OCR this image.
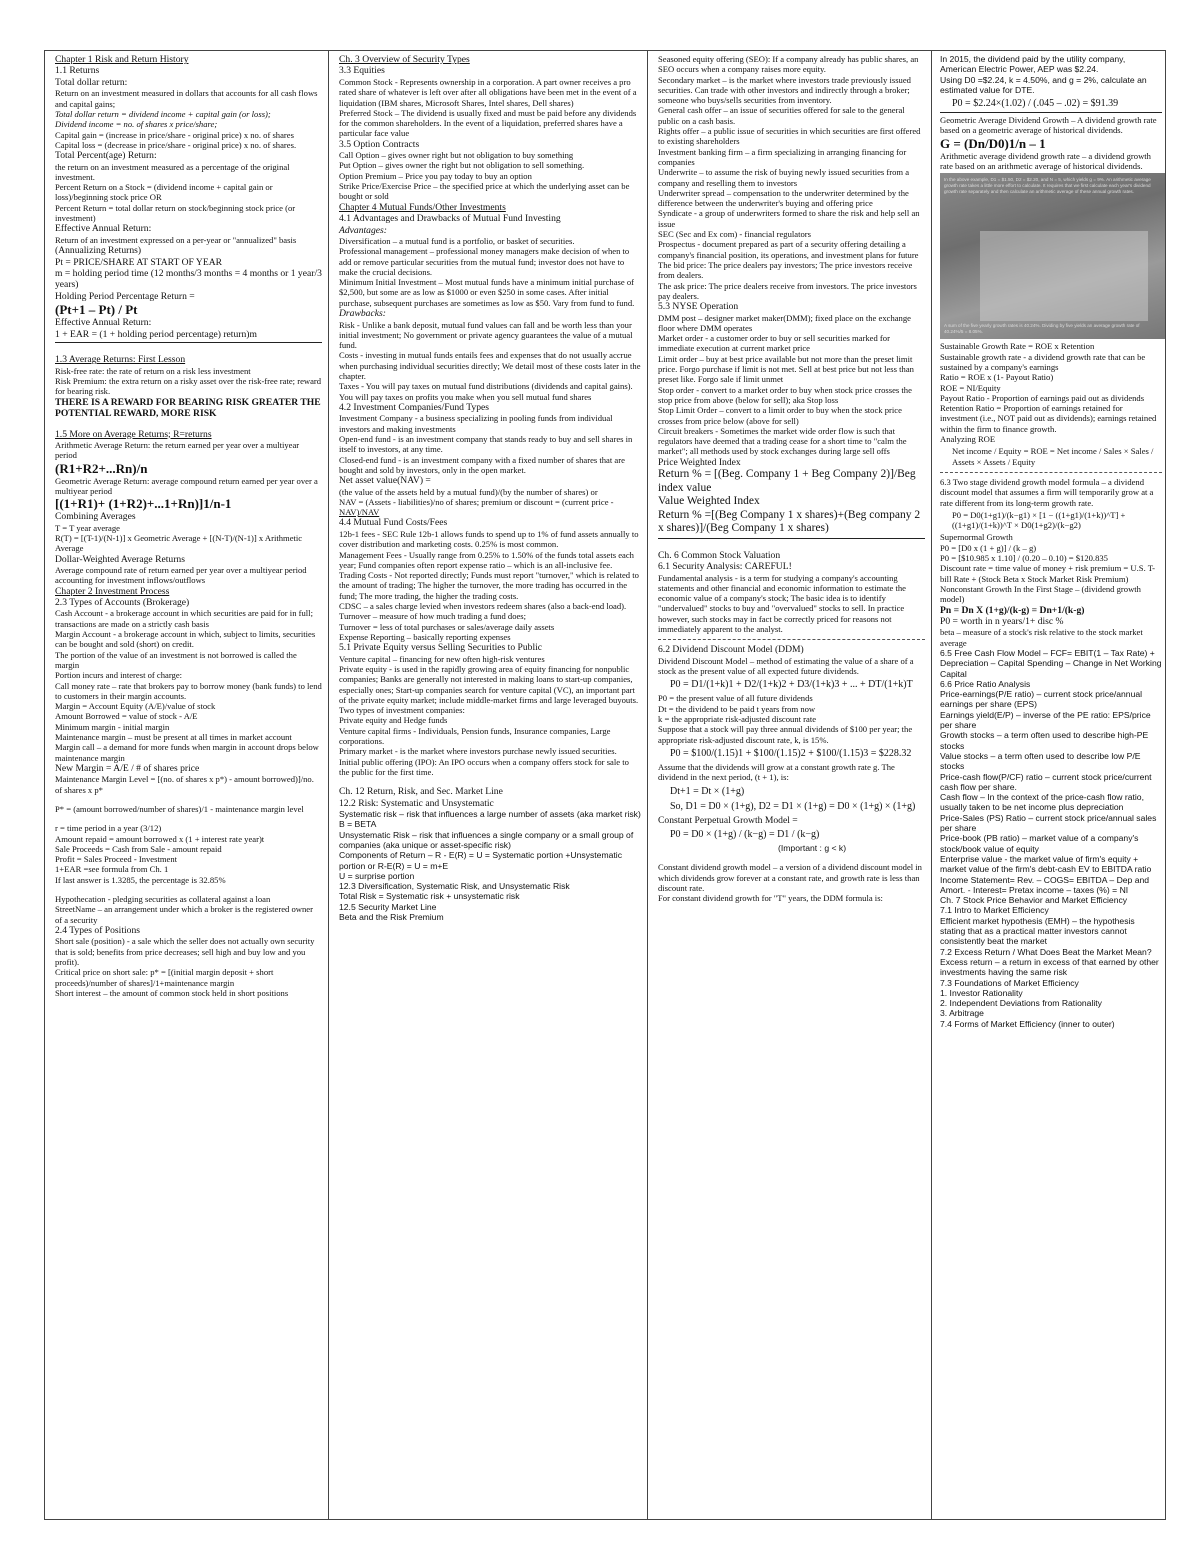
Chapter 1 Risk and Return History
1.1 Returns
Total dollar return:
Return on an investment measured in dollars that accounts for all cash flows and capital gains;
Total dollar return = dividend income + capital gain (or loss);
Dividend income = no. of shares x price/share;
Capital gain = (increase in price/share - original price) x no. of shares
Capital loss = (decrease in price/share - original price) x no. of shares.
Total Percent(age) Return:
the return on an investment measured as a percentage of the original investment.
Percent Return on a Stock = (dividend income + capital gain or loss)/beginning stock price OR
Percent Return = total dollar return on stock/beginning stock price (or investment)
Effective Annual Return:
Return of an investment expressed on a per-year or "annualized" basis
(Annualizing Returns)
Pt = PRICE/SHARE AT START OF YEAR
m = holding period time (12 months/3 months = 4 months or 1 year/3 years)
Holding Period Percentage Return =
(Pt+1 – Pt) / Pt
Effective Annual Return:
1 + EAR = (1 + holding period percentage) return)m
1.3 Average Returns: First Lesson
Risk-free rate: the rate of return on a risk less investment
Risk Premium: the extra return on a risky asset over the risk-free rate; reward for bearing risk.
THERE IS A REWARD FOR BEARING RISK GREATER THE POTENTIAL REWARD, MORE RISK
1.5 More on Average Returns; R=returns
Arithmetic Average Return: the return earned per year over a multiyear period
(R1+R2+...Rn)/n
Geometric Average Return: average compound return earned per year over a multiyear period
[(1+R1)+ (1+R2)+...1+Rn)]1/n-1
Combining Averages
T = T year average
R(T) = [(T-1)/(N-1)] x Geometric Average + [(N-T)/(N-1)] x Arithmetic Average
Dollar-Weighted Average Returns
Average compound rate of return earned per year over a multiyear period accounting for investment inflows/outflows
Chapter 2 Investment Process
2.3 Types of Accounts (Brokerage)
Cash Account - a brokerage account in which securities are paid for in full; transactions are made on a strictly cash basis
Margin Account - a brokerage account in which, subject to limits, securities can be bought and sold (short) on credit.
The portion of the value of an investment is not borrowed is called the margin
Portion incurs and interest of charge:
Call money rate – rate that brokers pay to borrow money (bank funds) to lend to customers in their margin accounts.
Margin = Account Equity (A/E)/value of stock
Amount Borrowed = value of stock - A/E
Minimum margin - initial margin
Maintenance margin – must be present at all times in market account
Margin call – a demand for more funds when margin in account drops below maintenance margin
New Margin = A/E / # of shares price
Maintenance Margin Level = [(no. of shares x p*) - amount borrowed)]/no. of shares x p*
P* = (amount borrowed/number of shares)/1 - maintenance margin level
r = time period in a year (3/12)
Amount repaid = amount borrowed x (1 + interest rate year)t
Sale Proceeds = Cash from Sale - amount repaid
Profit = Sales Proceed - Investment
1+EAR =see formula from Ch. 1
If last answer is 1.3285, the percentage is 32.85%
Hypothecation - pledging securities as collateral against a loan
StreetName – an arrangement under which a broker is the registered owner of a security
2.4 Types of Positions
Short sale (position) - a sale which the seller does not actually own security that is sold; benefits from price decreases; sell high and buy low and you profit).
Critical price on short sale: p* = [(initial margin deposit + short proceeds)/number of shares]/1+maintenance margin
Short interest – the amount of common stock held in short positions
Ch. 3 Overview of Security Types
3.3 Equities
Common Stock - Represents ownership in a corporation. A part owner receives a pro rated share of whatever is left over after all obligations have been met in the event of a liquidation (IBM shares, Microsoft Shares, Intel shares, Dell shares)
Preferred Stock – The dividend is usually fixed and must be paid before any dividends for the common shareholders. In the event of a liquidation, preferred shares have a particular face value
3.5 Option Contracts
Call Option – gives owner right but not obligation to buy something
Put Option – gives owner the right but not obligation to sell something.
Option Premium – Price you pay today to buy an option
Strike Price/Exercise Price – the specified price at which the underlying asset can be bought or sold
Chapter 4 Mutual Funds/Other Investments
4.1 Advantages and Drawbacks of Mutual Fund Investing
Advantages:
Diversification – a mutual fund is a portfolio, or basket of securities.
Professional management – professional money managers make decision of when to add or remove particular securities from the mutual fund; investor does not have to make the crucial decisions.
Minimum Initial Investment – Most mutual funds have a minimum initial purchase of $2,500, but some are as low as $1000 or even $250 in some cases. After initial purchase, subsequent purchases are sometimes as low as $50. Vary from fund to fund.
Drawbacks:
Risk - Unlike a bank deposit, mutual fund values can fall and be worth less than your initial investment; No government or private agency guarantees the value of a mutual fund.
Costs - investing in mutual funds entails fees and expenses that do not usually accrue when purchasing individual securities directly; We detail most of these costs later in the chapter.
Taxes - You will pay taxes on mutual fund distributions (dividends and capital gains). You will pay taxes on profits you make when you sell mutual fund shares
4.2 Investment Companies/Fund Types
Investment Company - a business specializing in pooling funds from individual investors and making investments
Open-end fund - is an investment company that stands ready to buy and sell shares in itself to investors, at any time.
Closed-end fund - is an investment company with a fixed number of shares that are bought and sold by investors, only in the open market.
Net asset value(NAV) =
(the value of the assets held by a mutual fund)/(by the number of shares) or
NAV = (Assets - liabilities)/no of shares; premium or discount = (current price -
NAV)/NAV
4.4 Mutual Fund Costs/Fees
12b-1 fees - SEC Rule 12b-1 allows funds to spend up to 1% of fund assets annually to cover distribution and marketing costs. 0.25% is most common.
Management Fees - Usually range from 0.25% to 1.50% of the funds total assets each year; Fund companies often report expense ratio – which is an all-inclusive fee.
Trading Costs - Not reported directly; Funds must report "turnover," which is related to the amount of trading; The higher the turnover, the more trading has occurred in the fund; The more trading, the higher the trading costs.
CDSC – a sales charge levied when investors redeem shares (also a back-end load).
Turnover – measure of how much trading a fund does;
Turnover = less of total purchases or sales/average daily assets
Expense Reporting – basically reporting expenses
5.1 Private Equity versus Selling Securities to Public
Venture capital – financing for new often high-risk ventures
Private equity - is used in the rapidly growing area of equity financing for nonpublic companies; Banks are generally not interested in making loans to start-up companies, especially ones; Start-up companies search for venture capital (VC), an important part of the private equity market; include middle-market firms and large leveraged buyouts.
Two types of investment companies:
Private equity and Hedge funds
Venture capital firms - Individuals, Pension funds, Insurance companies, Large corporations.
Primary market - is the market where investors purchase newly issued securities.
Initial public offering (IPO): An IPO occurs when a company offers stock for sale to the public for the first time.
Ch. 12 Return, Risk, and Sec. Market Line
12.2 Risk: Systematic and Unsystematic
Systematic risk – risk that influences a large number of assets (aka market risk)
B = BETA
Unsystematic Risk – risk that influences a single company or a small group of companies (aka unique or asset-specific risk)
Components of Return – R - E(R) = U = Systematic portion +Unsystematic portion or R-E(R) = U = m+E
U = surprise portion
12.3 Diversification, Systematic Risk, and Unsystematic Risk
Total Risk = Systematic risk + unsystematic risk
12.5 Security Market Line
Beta and the Risk Premium
Seasoned equity offering (SEO): If a company already has public shares, an SEO occurs when a company raises more equity.
Secondary market – is the market where investors trade previously issued securities. Can trade with other investors and indirectly through a broker; someone who buys/sells securities from inventory.
General cash offer – an issue of securities offered for sale to the general public on a cash basis.
Rights offer – a public issue of securities in which securities are first offered to existing shareholders
Investment banking firm – a firm specializing in arranging financing for companies
Underwrite – to assume the risk of buying newly issued securities from a company and reselling them to investors
Underwriter spread – compensation to the underwriter determined by the difference between the underwriter's buying and offering price
Syndicate - a group of underwriters formed to share the risk and help sell an issue
SEC (Sec and Ex com) - financial regulators
Prospectus - document prepared as part of a security offering detailing a company's financial position, its operations, and investment plans for future
The bid price: The price dealers pay investors; The price investors receive from dealers.
The ask price: The price dealers receive from investors. The price investors pay dealers.
5.3 NYSE Operation
DMM post – designer market maker(DMM); fixed place on the exchange floor where DMM operates
Market order - a customer order to buy or sell securities marked for immediate execution at current market price
Limit order – buy at best price available but not more than the preset limit price. Forgo purchase if limit is not met. Sell at best price but not less than preset like. Forgo sale if limit unmet
Stop order - convert to a market order to buy when stock price crosses the stop price from above (below for sell); aka Stop loss
Stop Limit Order – convert to a limit order to buy when the stock price crosses from price below (above for sell)
Circuit breakers - Sometimes the market wide order flow is such that regulators have deemed that a trading cease for a short time to "calm the market"; all methods used by stock exchanges during large sell offs
Price Weighted Index
Return % = [(Beg. Company 1 + Beg Company 2)]/Beg index value
Value Weighted Index
Return % =[(Beg Company 1 x shares)+(Beg company 2 x shares)]/(Beg Company 1 x shares)
Ch. 6 Common Stock Valuation
6.1 Security Analysis: CAREFUL!
Fundamental analysis - is a term for studying a company's accounting statements and other financial and economic information to estimate the economic value of a company's stock; The basic idea is to identify "undervalued" stocks to buy and "overvalued" stocks to sell. In practice however, such stocks may in fact be correctly priced for reasons not immediately apparent to the analyst.
6.2 Dividend Discount Model (DDM)
Dividend Discount Model – method of estimating the value of a share of a stock as the present value of all expected future dividends.
P0 = D1/(1+k)1 + D2/(1+k)2 + D3/(1+k)3 + ... + DT/(1+k)T
P0 = the present value of all future dividends
Dt = the dividend to be paid t years from now
k = the appropriate risk-adjusted discount rate
Suppose that a stock will pay three annual dividends of $100 per year; the appropriate risk-adjusted discount rate, k, is 15%.
P0 = $100/(1.15)1 + $100/(1.15)2 + $100/(1.15)3 = $228.32
Assume that the dividends will grow at a constant growth rate g. The dividend in the next period, (t + 1), is:
Dt+1 = Dt × (1+g)
So, D1 = D0 × (1+g), D2 = D1 × (1+g) = D0 × (1+g) × (1+g)
Constant Perpetual Growth Model =
P0 = D0 × (1+g) / (k−g) = D1 / (k−g)
(Important : g < k)
Constant dividend growth model – a version of a dividend discount model in which dividends grow forever at a constant rate, and growth rate is less than discount rate.
For constant dividend growth for "T" years, the DDM formula is:
In 2015, the dividend paid by the utility company, American Electric Power, AEP was $2.24.
Using D0 =$2.24, k = 4.50%, and g = 2%, calculate an estimated value for DTE.
P0 = $2.24×(1.02) / (.045 – .02) = $91.39
Geometric Average Dividend Growth – A dividend growth rate based on a geometric average of historical dividends.
G = (Dn/D0)1/n – 1
Arithmetic average dividend growth rate – a dividend growth rate based on an arithmetic average of historical dividends.
In the above example, D1 = $1.50, D2 = $2.20, and N = 5, which yields g = 9%. An arithmetic average growth rate takes a little more effort to calculate. It requires that we first calculate each year's dividend growth rate separately and then calculate an arithmetic average of these annual growth rates.
A sum of the five yearly growth rates is 40.24%. Dividing by five yields an average growth rate of 40.24%/5 = 8.05%.
Sustainable Growth Rate = ROE x Retention
Sustainable growth rate - a dividend growth rate that can be sustained by a company's earnings
Ratio = ROE x (1- Payout Ratio)
ROE = NI/Equity
Payout Ratio - Proportion of earnings paid out as dividends
Retention Ratio = Proportion of earnings retained for investment (i.e., NOT paid out as dividends); earnings retained within the firm to finance growth.
Analyzing ROE
Net income / Equity = ROE = Net income / Sales × Sales / Assets × Assets / Equity
6.3 Two stage dividend growth model formula – a dividend discount model that assumes a firm will temporarily grow at a rate different from its long-term growth rate.
P0 = D0(1+g1)/(k−g1) × [1 − ((1+g1)/(1+k))^T] + ((1+g1)/(1+k))^T × D0(1+g2)/(k−g2)
Supernormal Growth
P0 = [D0 x (1 + g)] / (k – g)
P0 = [$10.985 x 1.10] / (0.20 – 0.10) = $120.835
Discount rate = time value of money + risk premium = U.S. T-bill Rate + (Stock Beta x Stock Market Risk Premium)
Nonconstant Growth In the First Stage – (dividend growth model)
Pn = Dn X (1+g)/(k-g) = Dn+1/(k-g)
P0 = worth in n years/1+ disc %
beta – measure of a stock's risk relative to the stock market average
6.5 Free Cash Flow Model – FCF= EBIT(1 – Tax Rate) + Depreciation – Capital Spending – Change in Net Working Capital
6.6 Price Ratio Analysis
Price-earnings(P/E ratio) – current stock price/annual earnings per share (EPS)
Earnings yield(E/P) – inverse of the PE ratio: EPS/price per share
Growth stocks – a term often used to describe high-PE stocks
Value stocks – a term often used to describe low P/E stocks
Price-cash flow(P/CF) ratio – current stock price/current cash flow per share.
Cash flow – In the context of the price-cash flow ratio, usually taken to be net income plus depreciation
Price-Sales (PS) Ratio – current stock price/annual sales per share
Price-book (PB ratio) – market value of a company's stock/book value of equity
Enterprise value - the market value of firm's equity + market value of the firm's debt-cash EV to EBITDA ratio
Income Statement= Rev. – COGS= EBITDA – Dep and Amort. - Interest= Pretax income – taxes (%) = NI
Ch. 7 Stock Price Behavior and Market Efficiency
7.1 Intro to Market Efficiency
Efficient market hypothesis (EMH) – the hypothesis stating that as a practical matter investors cannot consistently beat the market
7.2 Excess Return / What Does Beat the Market Mean?
Excess return – a return in excess of that earned by other investments having the same risk
7.3 Foundations of Market Efficiency
1. Investor Rationality
2. Independent Deviations from Rationality
3. Arbitrage
7.4 Forms of Market Efficiency (inner to outer)
